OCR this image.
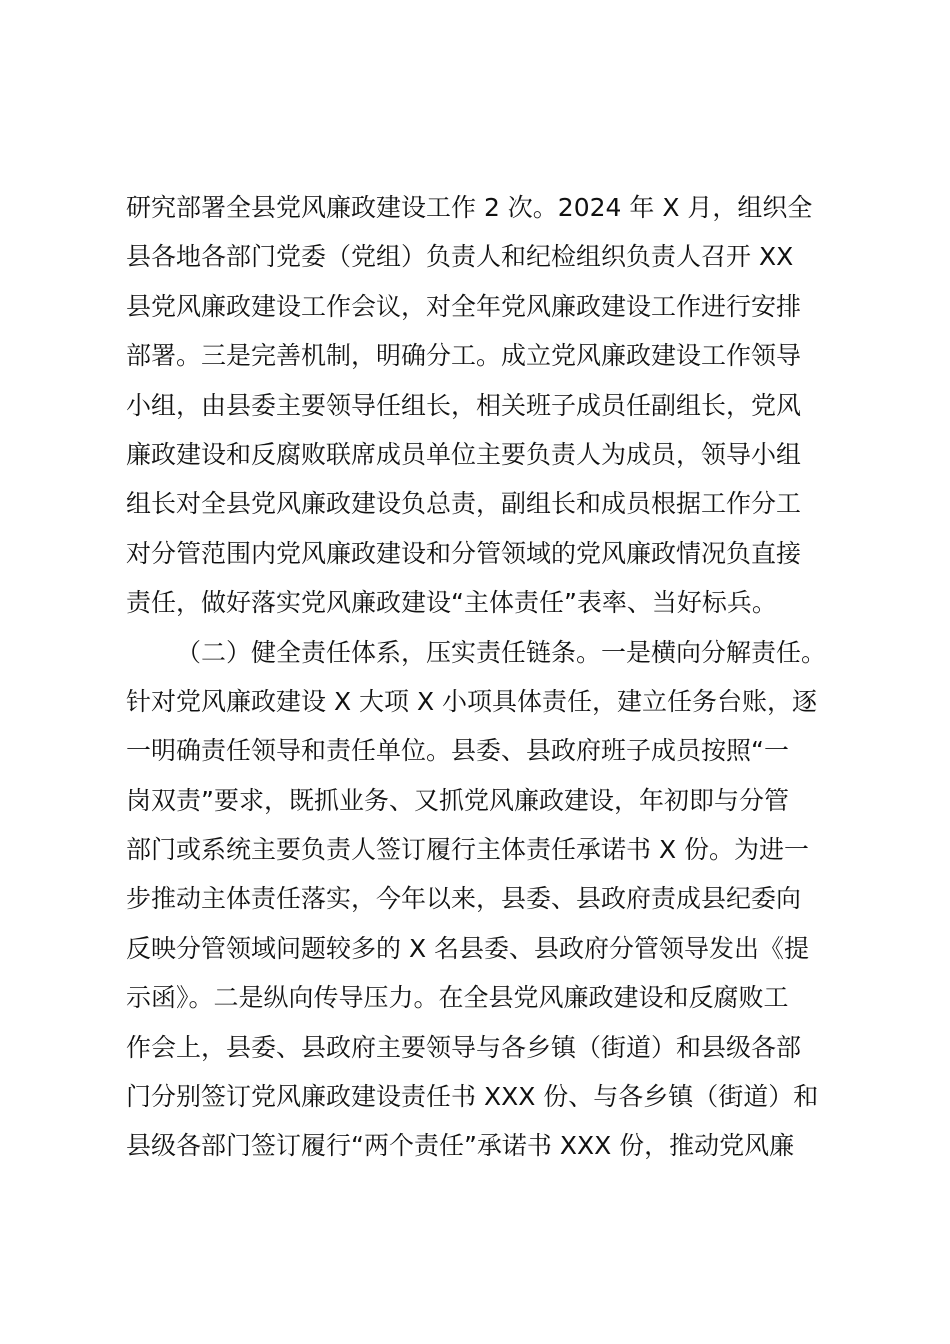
研究部署全县党风廉政建设工作 2 次。2024 年 X 月，组织全
县各地各部门党委（党组）负责人和纪检组织负责人召开 XX
县党风廉政建设工作会议，对全年党风廉政建设工作进行安排
部署。三是完善机制，明确分工。成立党风廉政建设工作领导
小组，由县委主要领导任组长，相关班子成员任副组长，党风
廉政建设和反腐败联席成员单位主要负责人为成员，领导小组
组长对全县党风廉政建设负总责，副组长和成员根据工作分工
对分管范围内党风廉政建设和分管领域的党风廉政情况负直接
责任，做好落实党风廉政建设“主体责任”表率、当好标兵。
（二）健全责任体系，压实责任链条。一是横向分解责任。
针对党风廉政建设 X 大项 X 小项具体责任，建立任务台账，逐
一明确责任领导和责任单位。县委、县政府班子成员按照“一
岗双责”要求，既抓业务、又抓党风廉政建设，年初即与分管
部门或系统主要负责人签订履行主体责任承诺书 X 份。为进一
步推动主体责任落实，今年以来，县委、县政府责成县纪委向
反映分管领域问题较多的 X 名县委、县政府分管领导发出《提
示函》。二是纵向传导压力。在全县党风廉政建设和反腐败工
作会上，县委、县政府主要领导与各乡镇（街道）和县级各部
门分别签订党风廉政建设责任书 XXX 份、与各乡镇（街道）和
县级各部门签订履行“两个责任”承诺书 XXX 份，推动党风廉
